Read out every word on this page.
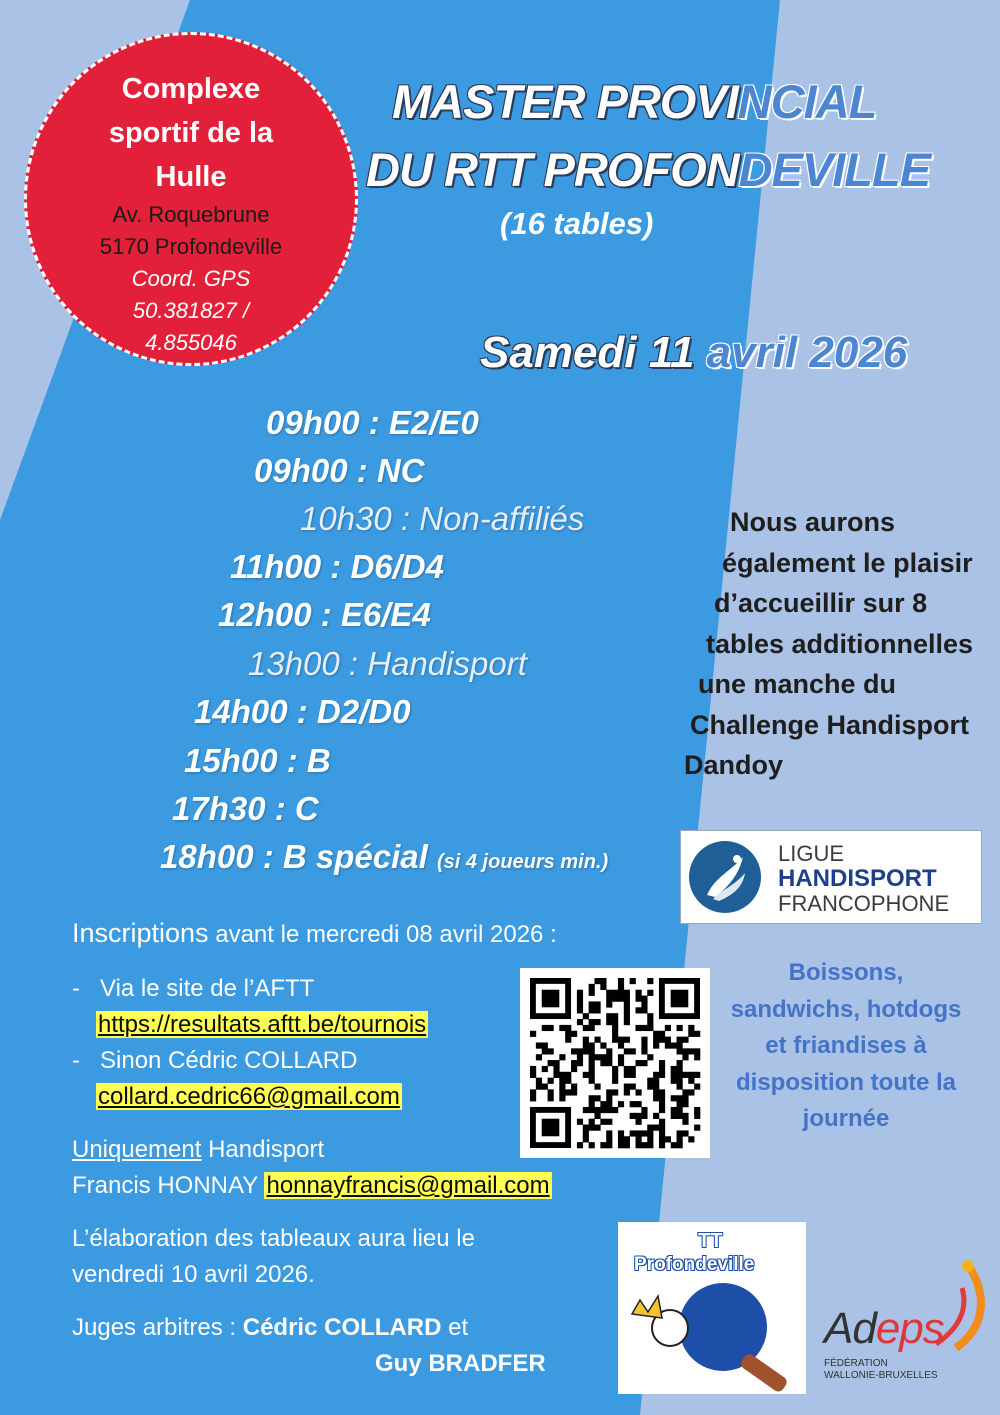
Complexe
sportif de la
Hulle
Av. Roquebrune
5170 Profondeville
Coord. GPS
50.381827 /
4.855046
MASTER PROVINCIAL
DU RTT PROFONDEVILLE
(16 tables)
Samedi 11 avril 2026
09h00 : E2/E0
09h00 : NC
10h30 : Non-affiliés
11h00 : D6/D4
12h00 : E6/E4
13h00 : Handisport
14h00 : D2/D0
15h00 : B
17h30 : C
18h00 : B spécial (si 4 joueurs min.)
Nous aurons
également le plaisir
d’accueillir sur 8
tables additionnelles
une manche du
Challenge Handisport
Dandoy
LIGUE
HANDISPORT
FRANCOPHONE
Inscriptions avant le mercredi 08 avril 2026 :
-   Via le site de l’AFTT
https://resultats.aftt.be/tournois
-   Sinon Cédric COLLARD
collard.cedric66@gmail.com
Uniquement Handisport
Francis HONNAY honnayfrancis@gmail.com
L’élaboration des tableaux aura lieu le
vendredi 10 avril 2026.
Juges arbitres : Cédric COLLARD et
Guy BRADFER
Boissons,
sandwichs, hotdogs
et friandises à
disposition toute la
journée
TT
Profondeville
Adeps
FÉDÉRATION
WALLONIE-BRUXELLES
